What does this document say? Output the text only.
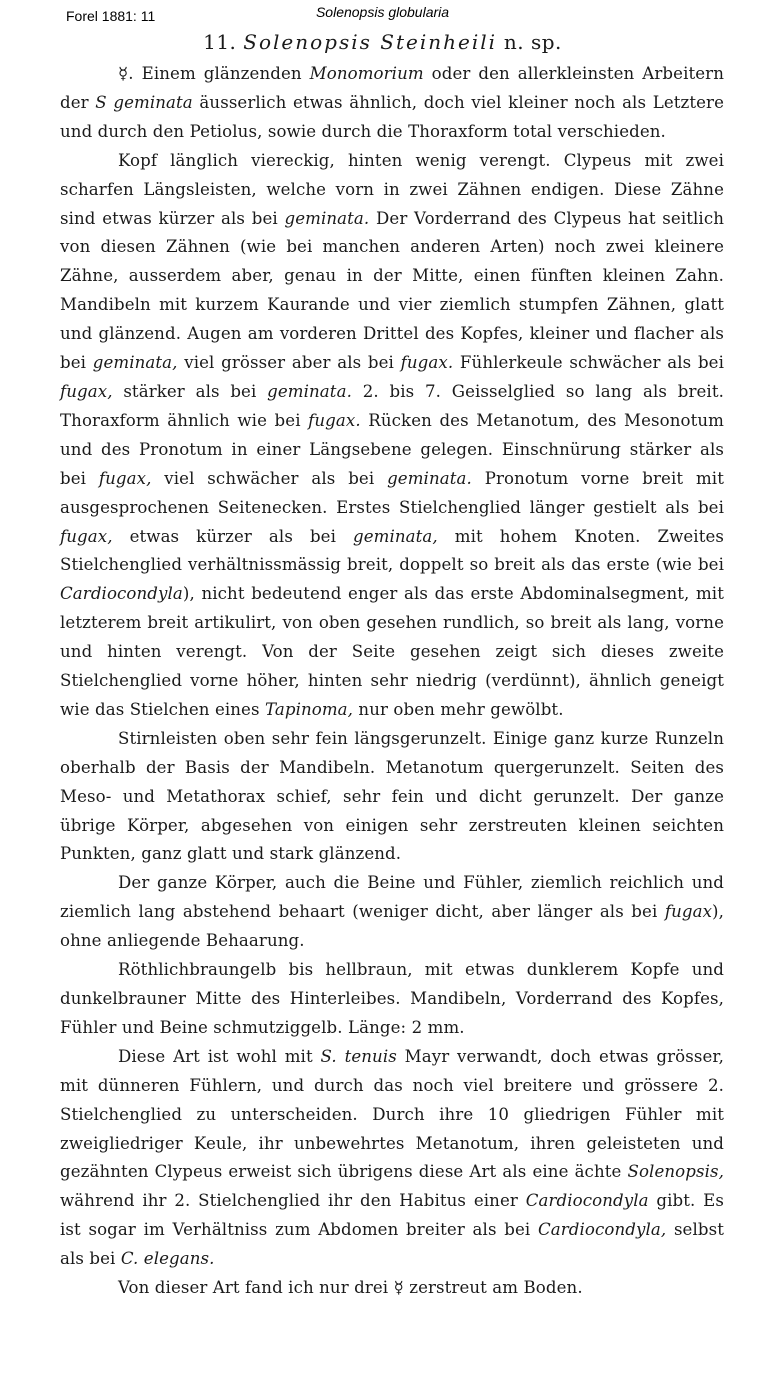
Forel 1881: 11	Solenopsis globularia
11. Solenopsis Steinheili n. sp.

☿. Einem glänzenden Monomorium oder den allerkleinsten Arbeitern der S geminata äusserlich etwas ähnlich, doch viel kleiner noch als Letztere und durch den Petiolus, sowie durch die Thoraxform total verschieden.

Kopf länglich viereckig, hinten wenig verengt. Clypeus mit zwei scharfen Längsleisten, welche vorn in zwei Zähnen endigen. Diese Zähne sind etwas kürzer als bei geminata. Der Vorderrand des Clypeus hat seitlich von diesen Zähnen (wie bei manchen anderen Arten) noch zwei kleinere Zähne, ausserdem aber, genau in der Mitte, einen fünften kleinen Zahn. Mandibeln mit kurzem Kaurande und vier ziemlich stumpfen Zähnen, glatt und glänzend. Augen am vorderen Drittel des Kopfes, kleiner und flacher als bei geminata, viel grösser aber als bei fugax. Fühlerkeule schwächer als bei fugax, stärker als bei geminata. 2. bis 7. Geisselglied so lang als breit. Thoraxform ähnlich wie bei fugax. Rücken des Metanotum, des Mesonotum und des Pronotum in einer Längsebene gelegen. Einschnürung stärker als bei fugax, viel schwächer als bei geminata. Pronotum vorne breit mit ausgesprochenen Seitenecken. Erstes Stielchenglied länger gestielt als bei fugax, etwas kürzer als bei geminata, mit hohem Knoten. Zweites Stielchenglied verhältnissmässig breit, doppelt so breit als das erste (wie bei Cardiocondyla), nicht bedeutend enger als das erste Abdominalsegment, mit letzterem breit artikulirt, von oben gesehen rundlich, so breit als lang, vorne und hinten verengt. Von der Seite gesehen zeigt sich dieses zweite Stielchenglied vorne höher, hinten sehr niedrig (verdünnt), ähnlich geneigt wie das Stielchen eines Tapinoma, nur oben mehr gewölbt.

Stirnleisten oben sehr fein längsgerunzelt. Einige ganz kurze Runzeln oberhalb der Basis der Mandibeln. Metanotum quergerunzelt. Seiten des Meso- und Metathorax schief, sehr fein und dicht gerunzelt. Der ganze übrige Körper, abgesehen von einigen sehr zerstreuten kleinen seichten Punkten, ganz glatt und stark glänzend.

Der ganze Körper, auch die Beine und Fühler, ziemlich reichlich und ziemlich lang abstehend behaart (weniger dicht, aber länger als bei fugax), ohne anliegende Behaarung.

Röthlichbraungelb bis hellbraun, mit etwas dunklerem Kopfe und dunkelbrauner Mitte des Hinterleibes. Mandibeln, Vorderrand des Kopfes, Fühler und Beine schmutziggelb. Länge: 2 mm.

Diese Art ist wohl mit S. tenuis Mayr verwandt, doch etwas grösser, mit dünneren Fühlern, und durch das noch viel breitere und grössere 2. Stielchenglied zu unterscheiden. Durch ihre 10 gliedrigen Fühler mit zweigliedriger Keule, ihr unbewehrtes Metanotum, ihren geleisteten und gezähnten Clypeus erweist sich übrigens diese Art als eine ächte Solenopsis, während ihr 2. Stielchenglied ihr den Habitus einer Cardiocondyla gibt. Es ist sogar im Verhältniss zum Abdomen breiter als bei Cardiocondyla, selbst als bei C. elegans.

Von dieser Art fand ich nur drei ☿ zerstreut am Boden.
